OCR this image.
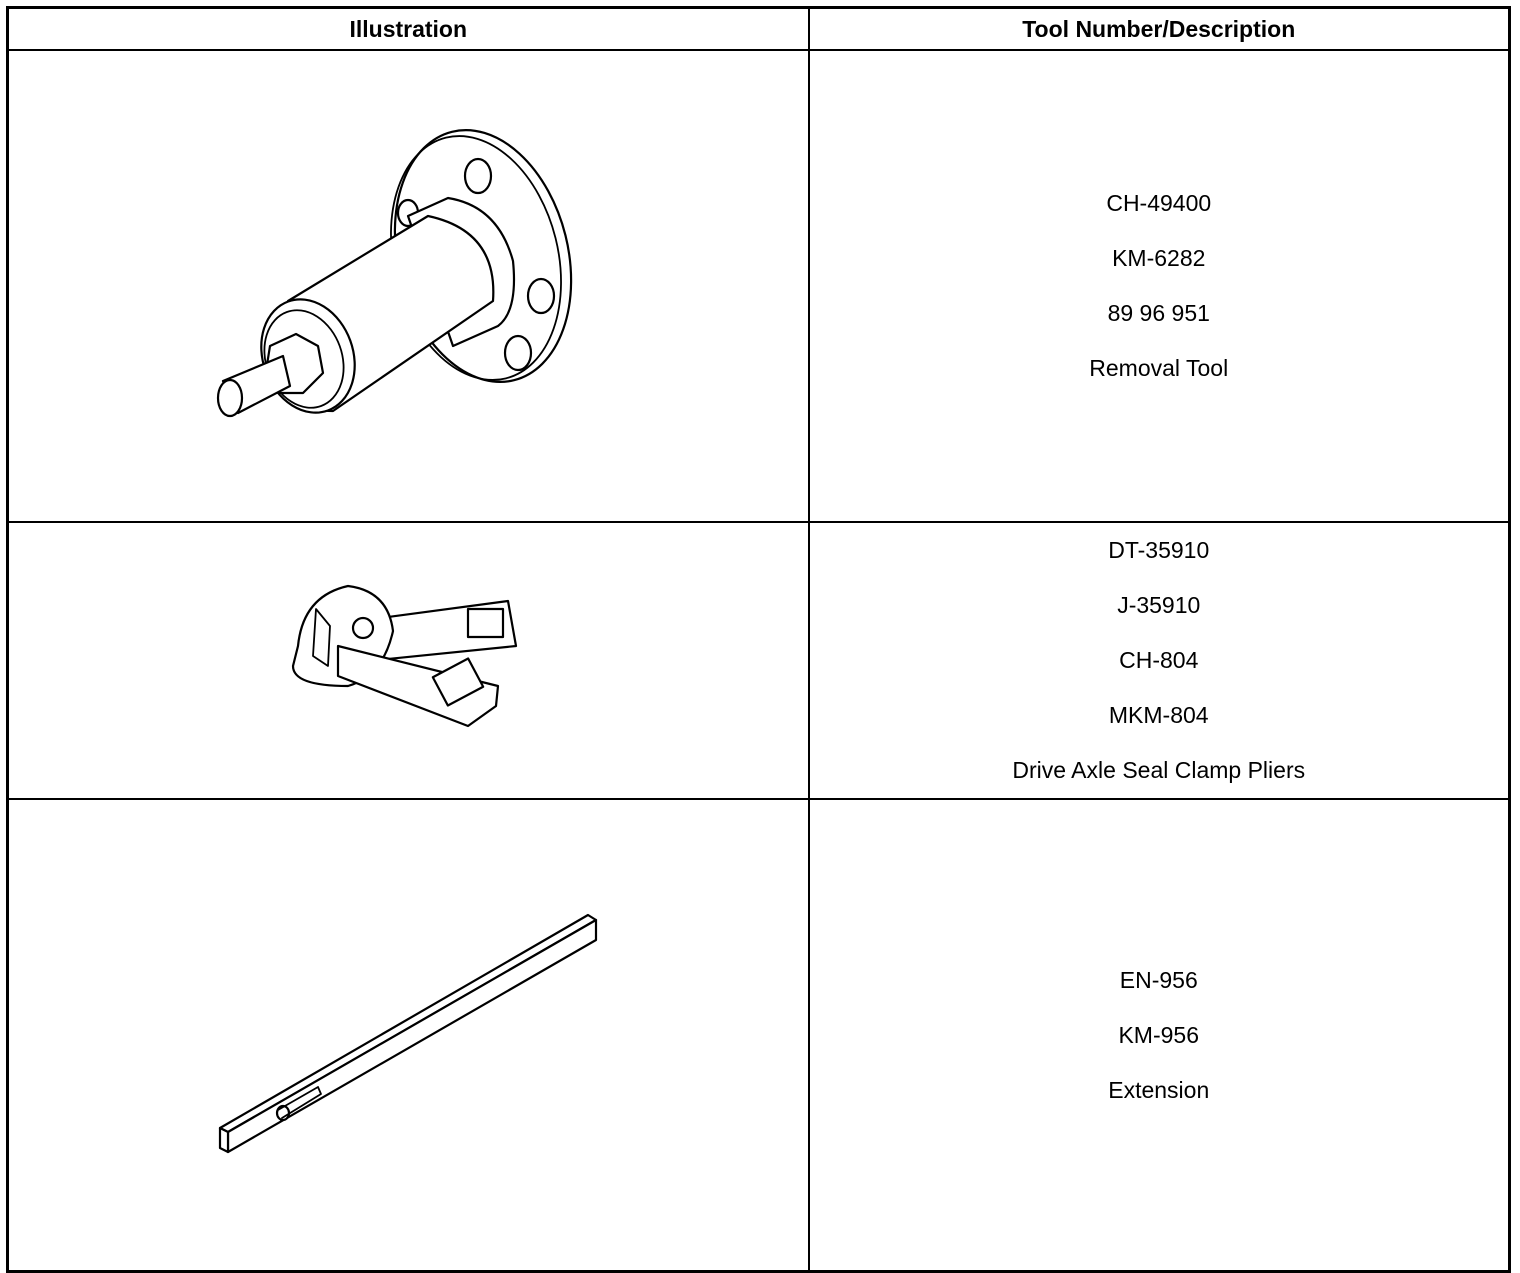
Illustration	Tool Number/Description

CH-49400
KM-6282
89 96 951
Removal Tool

DT-35910
J-35910
CH-804
MKM-804
Drive Axle Seal Clamp Pliers

EN-956
KM-956
Extension
